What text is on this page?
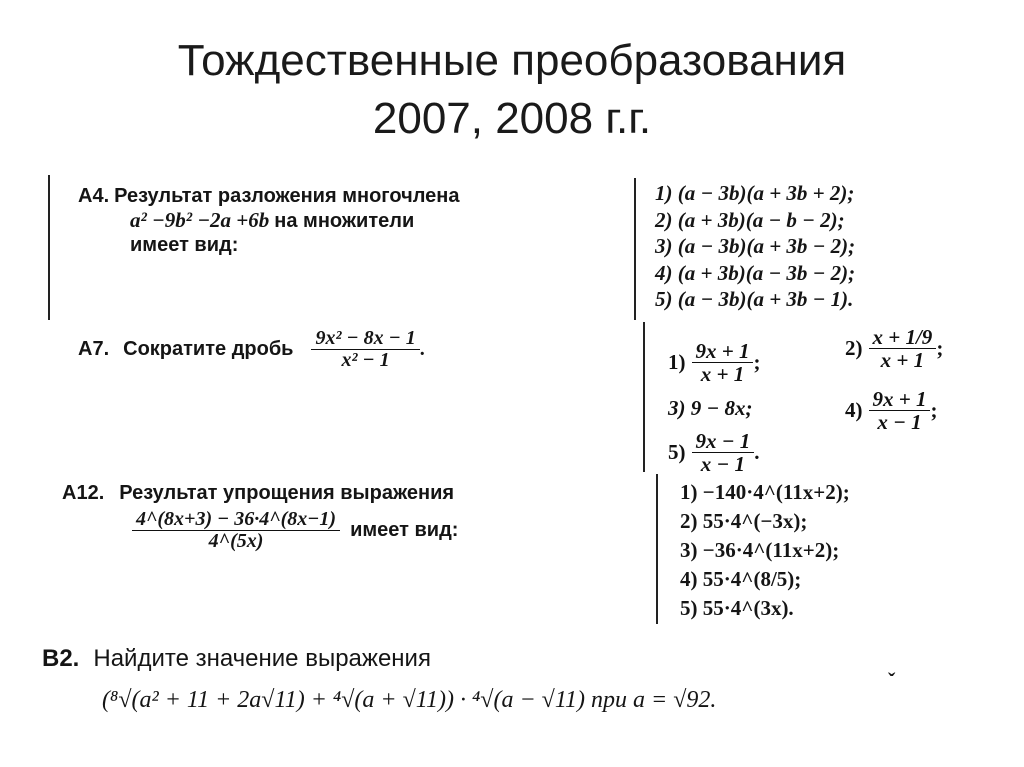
Тождественные преобразования
2007, 2008 г.г.
А4. Результат разложения многочлена
a² −9b² −2a +6b на множители
имеет вид:
1) (a − 3b)(a + 3b + 2);
2) (a + 3b)(a − b − 2);
3) (a − 3b)(a + 3b − 2);
4) (a + 3b)(a − 3b − 2);
5) (a − 3b)(a + 3b − 1).
А7. Сократите дробь $\frac{\text{9x² − 8x − 1}}{\text{x² − 1}}$ .
$1) \frac{9x + 1}{x + 1}$ ;
$2) \frac{x + 1/9}{x + 1}$ ;
3) 9 − 8x;	$4) \frac{9x + 1}{x - 1}$ ;
$5) \frac{9x - 1}{x - 1}$ .
А12. Результат упрощения выражения
$\frac{4\^{}(8x+3) - 36\cdot 4\^{}(8x-1)}{4\^{}(5x)}$ имеет вид:
1) −140·4^(11x+2);
2) 55·4^(−3x);
3) −36·4^(11x+2);
4) 55·4^(8/5);
5) 55·4^(3x).
В2. Найдите значение выражения
(⁸√(a² + 11 + 2a√11) + ⁴√(a + √11)) · ⁴√(a − √11) при a = √92.
ˇ
